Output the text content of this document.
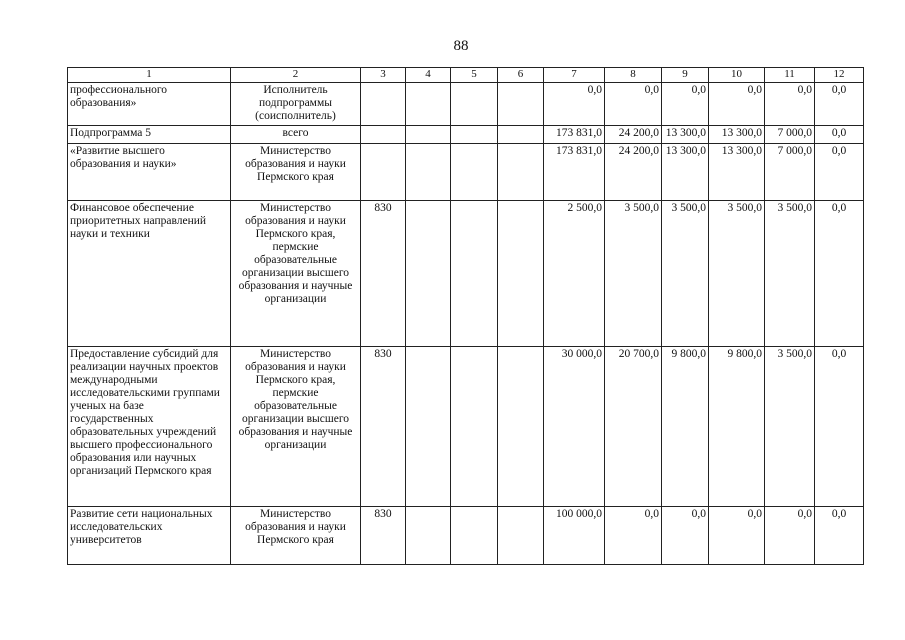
88
1	2	3	4	5	6	7	8	9	10	11	12
профессионального образования»	Исполнитель подпрограммы (соисполнитель)					0,0	0,0	0,0	0,0	0,0	0,0
Подпрограмма 5	всего					173 831,0	24 200,0	13 300,0	13 300,0	7 000,0	0,0
«Развитие высшего образования и науки»	Министерство образования и науки Пермского края					173 831,0	24 200,0	13 300,0	13 300,0	7 000,0	0,0
Финансовое обеспечение приоритетных направлений науки и техники	Министерство образования и науки Пермского края, пермские образовательные организации высшего образования и научные организации	830				2 500,0	3 500,0	3 500,0	3 500,0	3 500,0	0,0
Предоставление субсидий для реализации научных проектов международными исследовательскими группами ученых на базе государственных образовательных учреждений высшего профессионального образования или научных организаций Пермского края	Министерство образования и науки Пермского края, пермские образовательные организации высшего образования и научные организации	830				30 000,0	20 700,0	9 800,0	9 800,0	3 500,0	0,0
Развитие сети национальных исследовательских университетов	Министерство образования и науки Пермского края	830				100 000,0	0,0	0,0	0,0	0,0	0,0
